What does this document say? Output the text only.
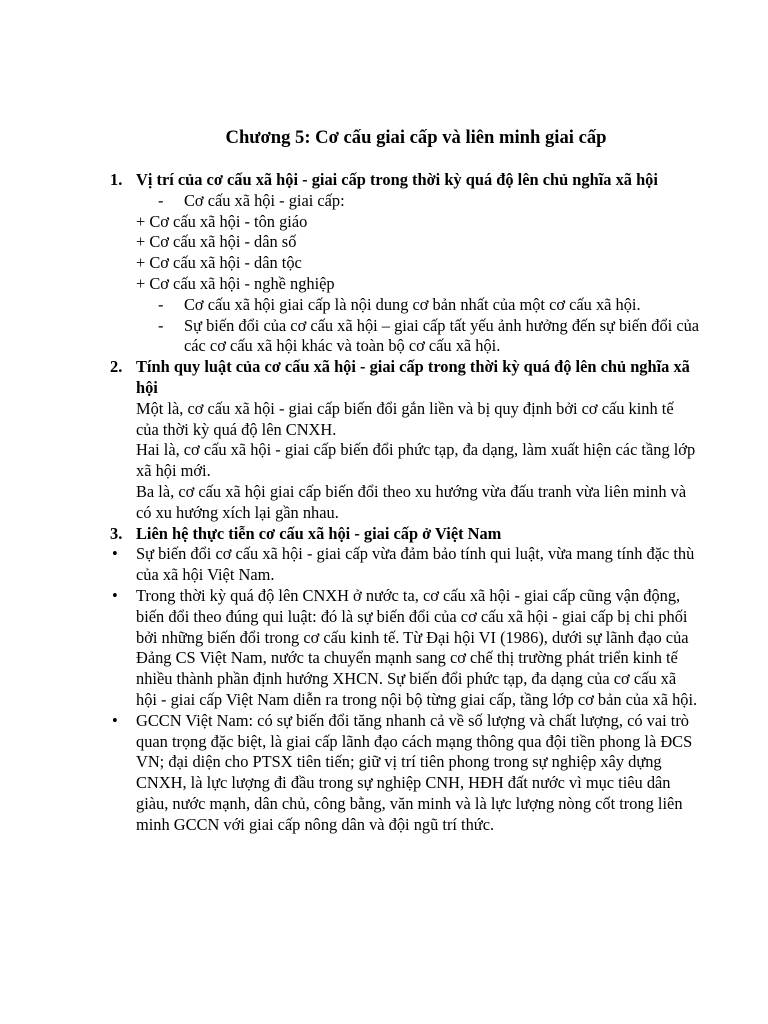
Chương 5: Cơ cấu giai cấp và liên minh giai cấp
1. Vị trí của cơ cấu xã hội - giai cấp trong thời kỳ quá độ lên chủ nghĩa xã hội
- Cơ cấu xã hội - giai cấp:
+ Cơ cấu xã hội - tôn giáo
+ Cơ cấu xã hội - dân số
+ Cơ cấu xã hội - dân tộc
+ Cơ cấu xã hội - nghề nghiệp
- Cơ cấu xã hội giai cấp là nội dung cơ bản nhất của một cơ cấu xã hội.
- Sự biến đổi của cơ cấu xã hội – giai cấp tất yếu ảnh hưởng đến sự biến đổi của các cơ cấu xã hội khác và toàn bộ cơ cấu xã hội.
2. Tính quy luật của cơ cấu xã hội - giai cấp trong thời kỳ quá độ lên chủ nghĩa xã hội
Một là, cơ cấu xã hội - giai cấp biến đổi gắn liền và bị quy định bởi cơ cấu kinh tế của thời kỳ quá độ lên CNXH.
Hai là, cơ cấu xã hội - giai cấp biến đổi phức tạp, đa dạng, làm xuất hiện các tầng lớp xã hội mới.
Ba là, cơ cấu xã hội giai cấp biến đổi theo xu hướng vừa đấu tranh vừa liên minh và có xu hướng xích lại gần nhau.
3. Liên hệ thực tiễn cơ cấu xã hội - giai cấp ở Việt Nam
• Sự biến đổi cơ cấu xã hội - giai cấp vừa đảm bảo tính qui luật, vừa mang tính đặc thù của xã hội Việt Nam.
• Trong thời kỳ quá độ lên CNXH ở nước ta, cơ cấu xã hội - giai cấp cũng vận động, biến đổi theo đúng qui luật: đó là sự biến đổi của cơ cấu xã hội - giai cấp bị chi phối bởi những biến đổi trong cơ cấu kinh tế. Từ Đại hội VI (1986), dưới sự lãnh đạo của Đảng CS Việt Nam, nước ta chuyển mạnh sang cơ chế thị trường phát triển kinh tế nhiều thành phần định hướng XHCN. Sự biến đổi phức tạp, đa dạng của cơ cấu xã hội - giai cấp Việt Nam diễn ra trong nội bộ từng giai cấp, tầng lớp cơ bản của xã hội.
• GCCN Việt Nam: có sự biến đổi tăng nhanh cả về số lượng và chất lượng, có vai trò quan trọng đặc biệt, là giai cấp lãnh đạo cách mạng thông qua đội tiền phong là ĐCS VN; đại diện cho PTSX tiên tiến; giữ vị trí tiên phong trong sự nghiệp xây dựng CNXH, là lực lượng đi đầu trong sự nghiệp CNH, HĐH đất nước vì mục tiêu dân giàu, nước mạnh, dân chủ, công bằng, văn minh và là lực lượng nòng cốt trong liên minh GCCN với giai cấp nông dân và đội ngũ trí thức.
